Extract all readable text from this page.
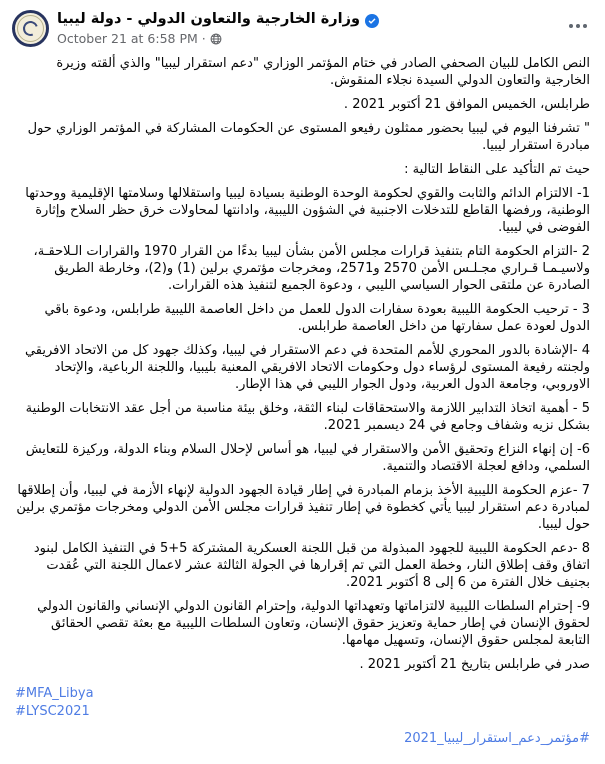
وزارة الخارجية والتعاون الدولي - دولة ليبيا
October 21 at 6:58 PM ·

النص الكامل للبيان الصحفي الصادر في ختام المؤتمر الوزاري "دعم استقرار ليبيا" والذي ألقته وزيرة الخارجية والتعاون الدولي السيدة نجلاء المنقوش.

طرابلس، الخميس الموافق 21 أكتوبر 2021 .

" تشرفنا اليوم في ليبيا بحضور ممثلون رفيعو المستوى عن الحكومات المشاركة في المؤتمر الوزاري حول مبادرة استقرار ليبيا.

حيث تم التأكيد على النقاط التالية :

1- الالتزام الدائم والثابت والقوي لحكومة الوحدة الوطنية بسيادة ليبيا واستقلالها وسلامتها الإقليمية ووحدتها الوطنية، ورفضها القاطع للتدخلات الاجنبية في الشؤون الليبية، وادانتها لمحاولات خرق حظر السلاح وإثارة الفوضى في ليبيا.

2 -التزام الحكومة التام بتنفيذ قرارات مجلس الأمن بشأن ليبيا بدءًا من القرار 1970 والقرارات الـلاحقـة، ولاسيـمـا قـراري مجـلـس الأمن 2570 و2571، ومخرجات مؤتمري برلين (1) و(2)، وخارطة الطريق الصادرة عن ملتقى الحوار السياسي الليبي ، ودعوة الجميع لتنفيذ هذه القرارات.

3 - ترحيب الحكومة الليبية بعودة سفارات الدول للعمل من داخل العاصمة الليبية طرابلس، ودعوة باقي الدول لعودة عمل سفارتها من داخل العاصمة طرابلس.

4 -الإشادة بالدور المحوري للأمم المتحدة في دعم الاستقرار في ليبيا، وكذلك جهود كل من الاتحاد الافريقي ولجنته رفيعة المستوى لرؤساء دول وحكومات الاتحاد الافريقي المعنية بليبيا، واللجنة الرباعية، والإتحاد الاوروبي، وجامعة الدول العربية، ودول الجوار الليبي في هذا الإطار.

5 - أهمية اتخاذ التدابير اللازمة والاستحقاقات لبناء الثقة، وخلق بيئة مناسبة من أجل عقد الانتخابات الوطنية بشكل نزيه وشفاف وجامع في 24 ديسمبر 2021.

6- إن إنهاء النزاع وتحقيق الأمن والاستقرار في ليبيا، هو أساس لإحلال السلام وبناء الدولة، وركيزة للتعايش السلمي، ودافع لعجلة الاقتصاد والتنمية.

7 -عزم الحكومة الليبية الأخذ بزمام المبادرة في إطار قيادة الجهود الدولية لإنهاء الأزمة في ليبيا، وأن إطلاقها لمبادرة دعم استقرار ليبيا يأتي كخطوة في إطار تنفيذ قرارات مجلس الأمن الدولي ومخرجات مؤتمري برلين حول ليبيا.

8 -دعم الحكومة الليبية للجهود المبذولة من قبل اللجنة العسكرية المشتركة 5+5 في التنفيذ الكامل لبنود اتفاق وقف إطلاق النار، وخطة العمل التي تم إقرارها في الجولة الثالثة عشر لاعمال اللجنة التي عُقدت بجنيف خلال الفترة من 6 إلى 8 أكتوبر 2021.

9- إحترام السلطات الليبية لالتزاماتها وتعهداتها الدولية، وإحترام القانون الدولي الإنساني والقانون الدولي لحقوق الإنسان في إطار حماية وتعزيز حقوق الإنسان، وتعاون السلطات الليبية مع بعثة تقصي الحقائق التابعة لمجلس حقوق الإنسان، وتسهيل مهامها.

صدر في طرابلس بتاريخ 21 أكتوبر 2021 .

#MFA_Libya

#LYSC2021

#مؤتمر_دعم_استقرار_ليبيا_2021
